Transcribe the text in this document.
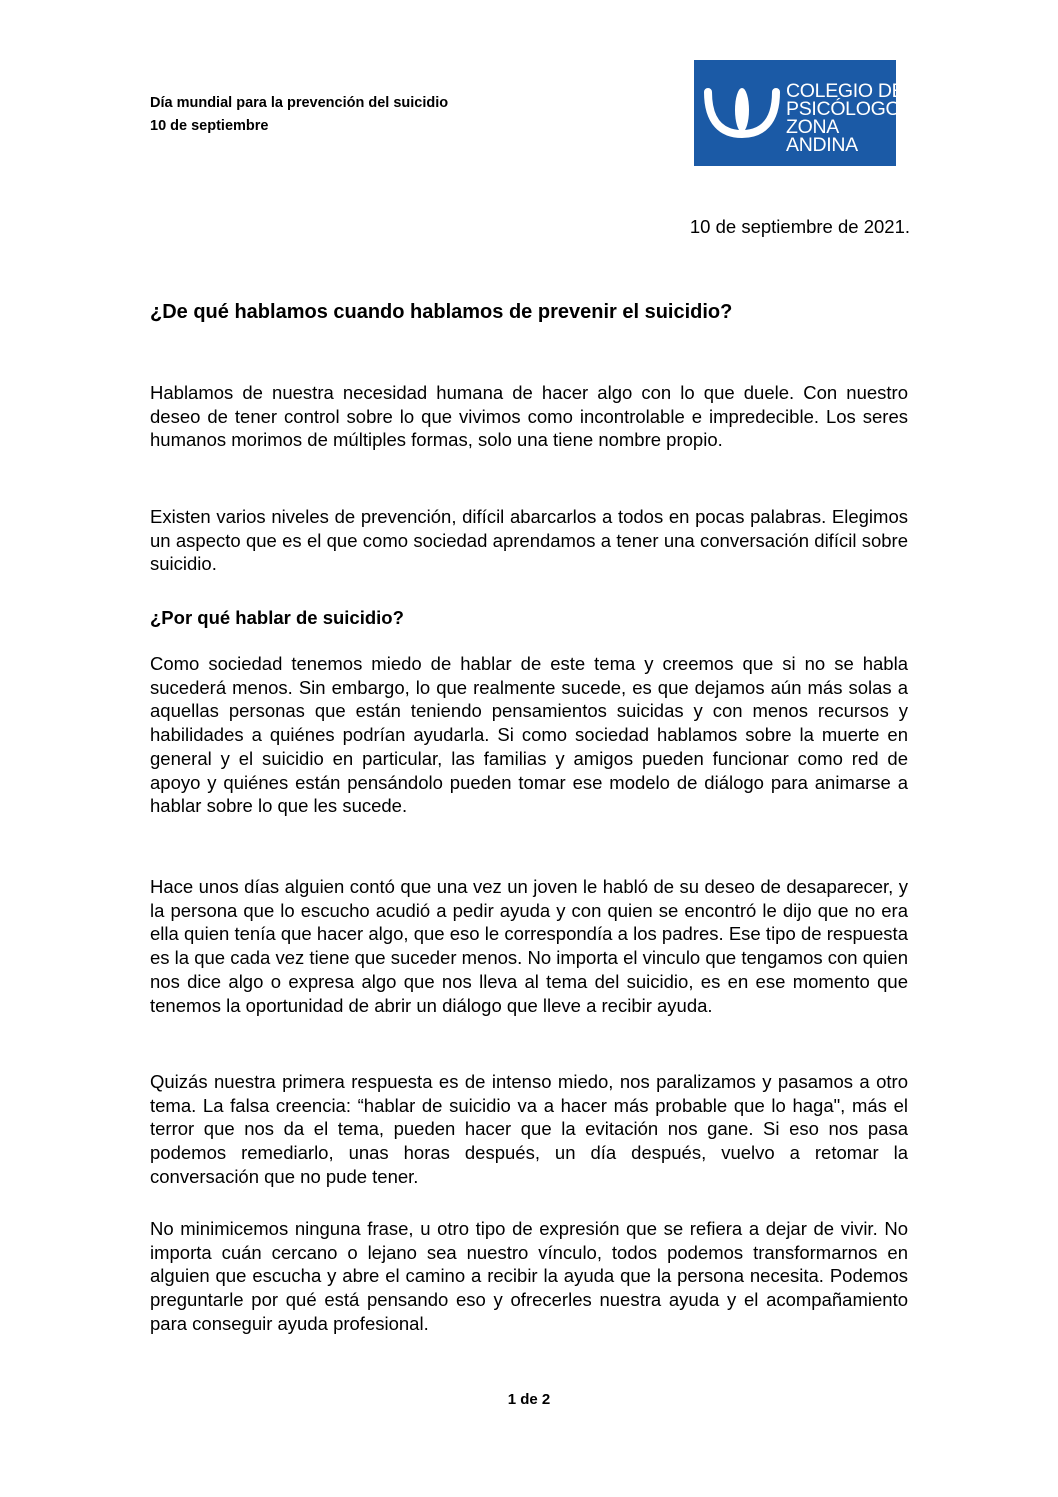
Día mundial para la prevención del suicidio
10 de septiembre
COLEGIO DE
PSICÓLOGOS
ZONA ANDINA
10 de septiembre de 2021.
¿De qué hablamos cuando hablamos de prevenir el suicidio?

Hablamos de nuestra necesidad humana de hacer algo con lo que duele. Con nuestro deseo de tener control sobre lo que vivimos como incontrolable e impredecible. Los seres humanos morimos de múltiples formas, solo una tiene nombre propio.

Existen varios niveles de prevención, difícil abarcarlos a todos en pocas palabras. Elegimos un aspecto que es el que como sociedad aprendamos a tener una conversación difícil sobre suicidio.

¿Por qué hablar de suicidio?

Como sociedad tenemos miedo de hablar de este tema y creemos que si no se habla sucederá menos. Sin embargo, lo que realmente sucede, es que dejamos aún más solas a aquellas personas que están teniendo pensamientos suicidas y con menos recursos y habilidades a quiénes podrían ayudarla. Si como sociedad hablamos sobre la muerte en general y el suicidio en particular, las familias y amigos pueden funcionar como red de apoyo y quiénes están pensándolo pueden tomar ese modelo de diálogo para animarse a hablar sobre lo que les sucede.

Hace unos días alguien contó que una vez un joven le habló de su deseo de desaparecer, y la persona que lo escucho acudió a pedir ayuda y con quien se encontró le dijo que no era ella quien tenía que hacer algo, que eso le correspondía a los padres. Ese tipo de respuesta es la que cada vez tiene que suceder menos. No importa el vinculo que tengamos con quien nos dice algo o expresa algo que nos lleva al tema del suicidio, es en ese momento que tenemos la oportunidad de abrir un diálogo que lleve a recibir ayuda.

Quizás nuestra primera respuesta es de intenso miedo, nos paralizamos y pasamos a otro tema. La falsa creencia: “hablar de suicidio va a hacer más probable que lo haga", más el terror que nos da el tema, pueden hacer que la evitación nos gane. Si eso nos pasa podemos remediarlo, unas horas después, un día después, vuelvo a retomar la conversación que no pude tener.

No minimicemos ninguna frase, u otro tipo de expresión que se refiera a dejar de vivir. No importa cuán cercano o lejano sea nuestro vínculo, todos podemos transformarnos en alguien que escucha y abre el camino a recibir la ayuda que la persona necesita. Podemos preguntarle por qué está pensando eso y ofrecerles nuestra ayuda y el acompañamiento para conseguir ayuda profesional.

1 de 2
